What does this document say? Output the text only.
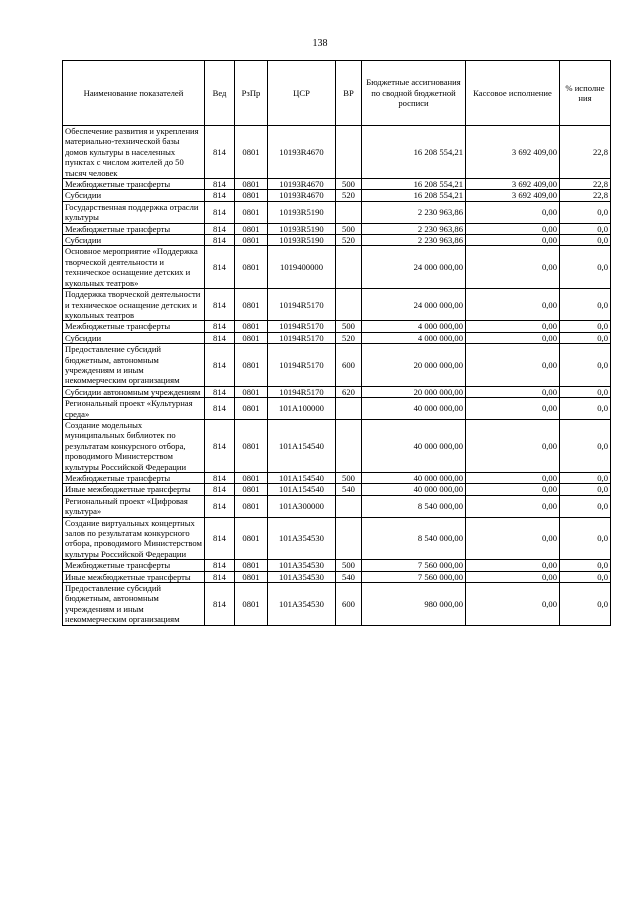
138
Наименование показателей	Вед	РзПр	ЦСР	ВР	Бюджетные ассигнования по сводной бюджетной росписи	Кассовое исполнение	% исполне ния
Обеспечение развития и укрепления материально-технической базы домов культуры в населенных пунктах с числом жителей до 50 тысяч человек	814	0801	10193R4670		16 208 554,21	3 692 409,00	22,8
Межбюджетные трансферты	814	0801	10193R4670	500	16 208 554,21	3 692 409,00	22,8
Субсидии	814	0801	10193R4670	520	16 208 554,21	3 692 409,00	22,8
Государственная поддержка отрасли культуры	814	0801	10193R5190		2 230 963,86	0,00	0,0
Межбюджетные трансферты	814	0801	10193R5190	500	2 230 963,86	0,00	0,0
Субсидии	814	0801	10193R5190	520	2 230 963,86	0,00	0,0
Основное мероприятие «Поддержка творческой деятельности и техническое оснащение детских и кукольных театров»	814	0801	1019400000		24 000 000,00	0,00	0,0
Поддержка творческой деятельности и техническое оснащение детских и кукольных театров	814	0801	10194R5170		24 000 000,00	0,00	0,0
Межбюджетные трансферты	814	0801	10194R5170	500	4 000 000,00	0,00	0,0
Субсидии	814	0801	10194R5170	520	4 000 000,00	0,00	0,0
Предоставление субсидий бюджетным, автономным учреждениям и иным некоммерческим организациям	814	0801	10194R5170	600	20 000 000,00	0,00	0,0
Субсидии автономным учреждениям	814	0801	10194R5170	620	20 000 000,00	0,00	0,0
Региональный проект «Культурная среда»	814	0801	101A100000		40 000 000,00	0,00	0,0
Создание модельных муниципальных библиотек по результатам конкурсного отбора, проводимого Министерством культуры Российской Федерации	814	0801	101A154540		40 000 000,00	0,00	0,0
Межбюджетные трансферты	814	0801	101A154540	500	40 000 000,00	0,00	0,0
Иные межбюджетные трансферты	814	0801	101A154540	540	40 000 000,00	0,00	0,0
Региональный проект «Цифровая культура»	814	0801	101A300000		8 540 000,00	0,00	0,0
Создание виртуальных концертных залов по результатам конкурсного отбора, проводимого Министерством культуры Российской Федерации	814	0801	101A354530		8 540 000,00	0,00	0,0
Межбюджетные трансферты	814	0801	101A354530	500	7 560 000,00	0,00	0,0
Иные межбюджетные трансферты	814	0801	101A354530	540	7 560 000,00	0,00	0,0
Предоставление субсидий бюджетным, автономным учреждениям и иным некоммерческим организациям	814	0801	101A354530	600	980 000,00	0,00	0,0
